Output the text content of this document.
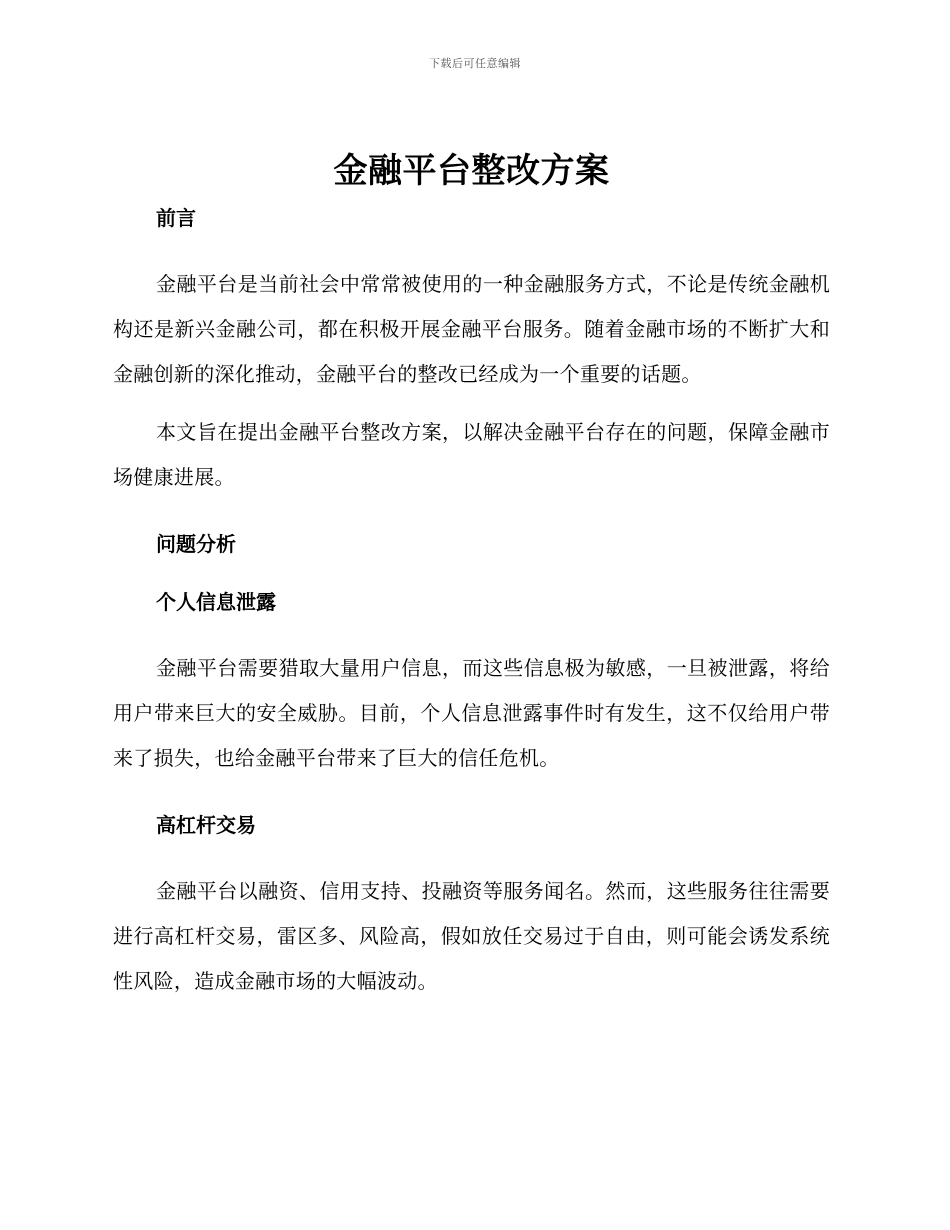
下载后可任意编辑
金融平台整改方案
前言

金融平台是当前社会中常常被使用的一种金融服务方式，不论是传统金融机构还是新兴金融公司，都在积极开展金融平台服务。随着金融市场的不断扩大和金融创新的深化推动，金融平台的整改已经成为一个重要的话题。

本文旨在提出金融平台整改方案，以解决金融平台存在的问题，保障金融市场健康进展。

问题分析
个人信息泄露

金融平台需要猎取大量用户信息，而这些信息极为敏感，一旦被泄露，将给用户带来巨大的安全威胁。目前，个人信息泄露事件时有发生，这不仅给用户带来了损失，也给金融平台带来了巨大的信任危机。

高杠杆交易

金融平台以融资、信用支持、投融资等服务闻名。然而，这些服务往往需要进行高杠杆交易，雷区多、风险高，假如放任交易过于自由，则可能会诱发系统性风险，造成金融市场的大幅波动。
